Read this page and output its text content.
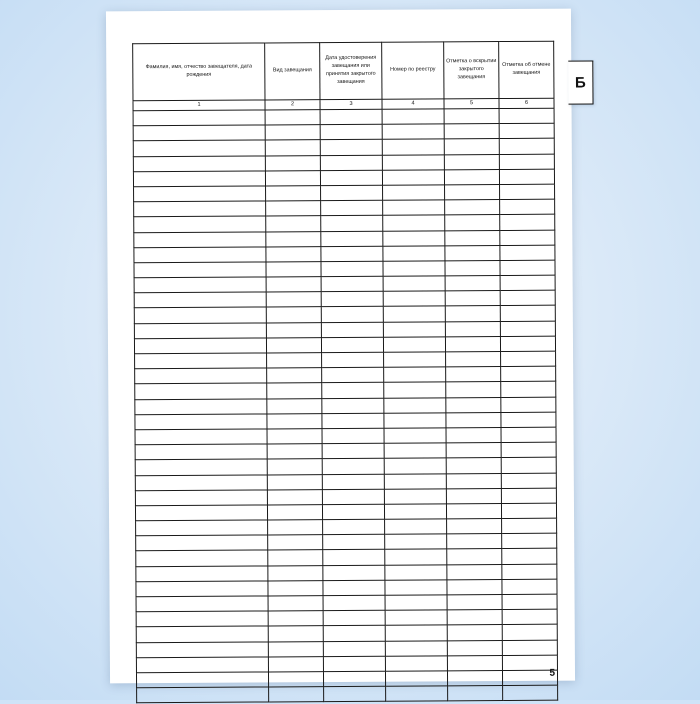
Б
Фамилия, имя, отчество завещателя, дата рождения	Вид завещания	Дата удостоверения завещания или принятия закрытого завещания	Номер по реестру	Отметка о вскрытии закрытого завещания	Отметка об отмене завещания

1	2	3	4	5	6

5
